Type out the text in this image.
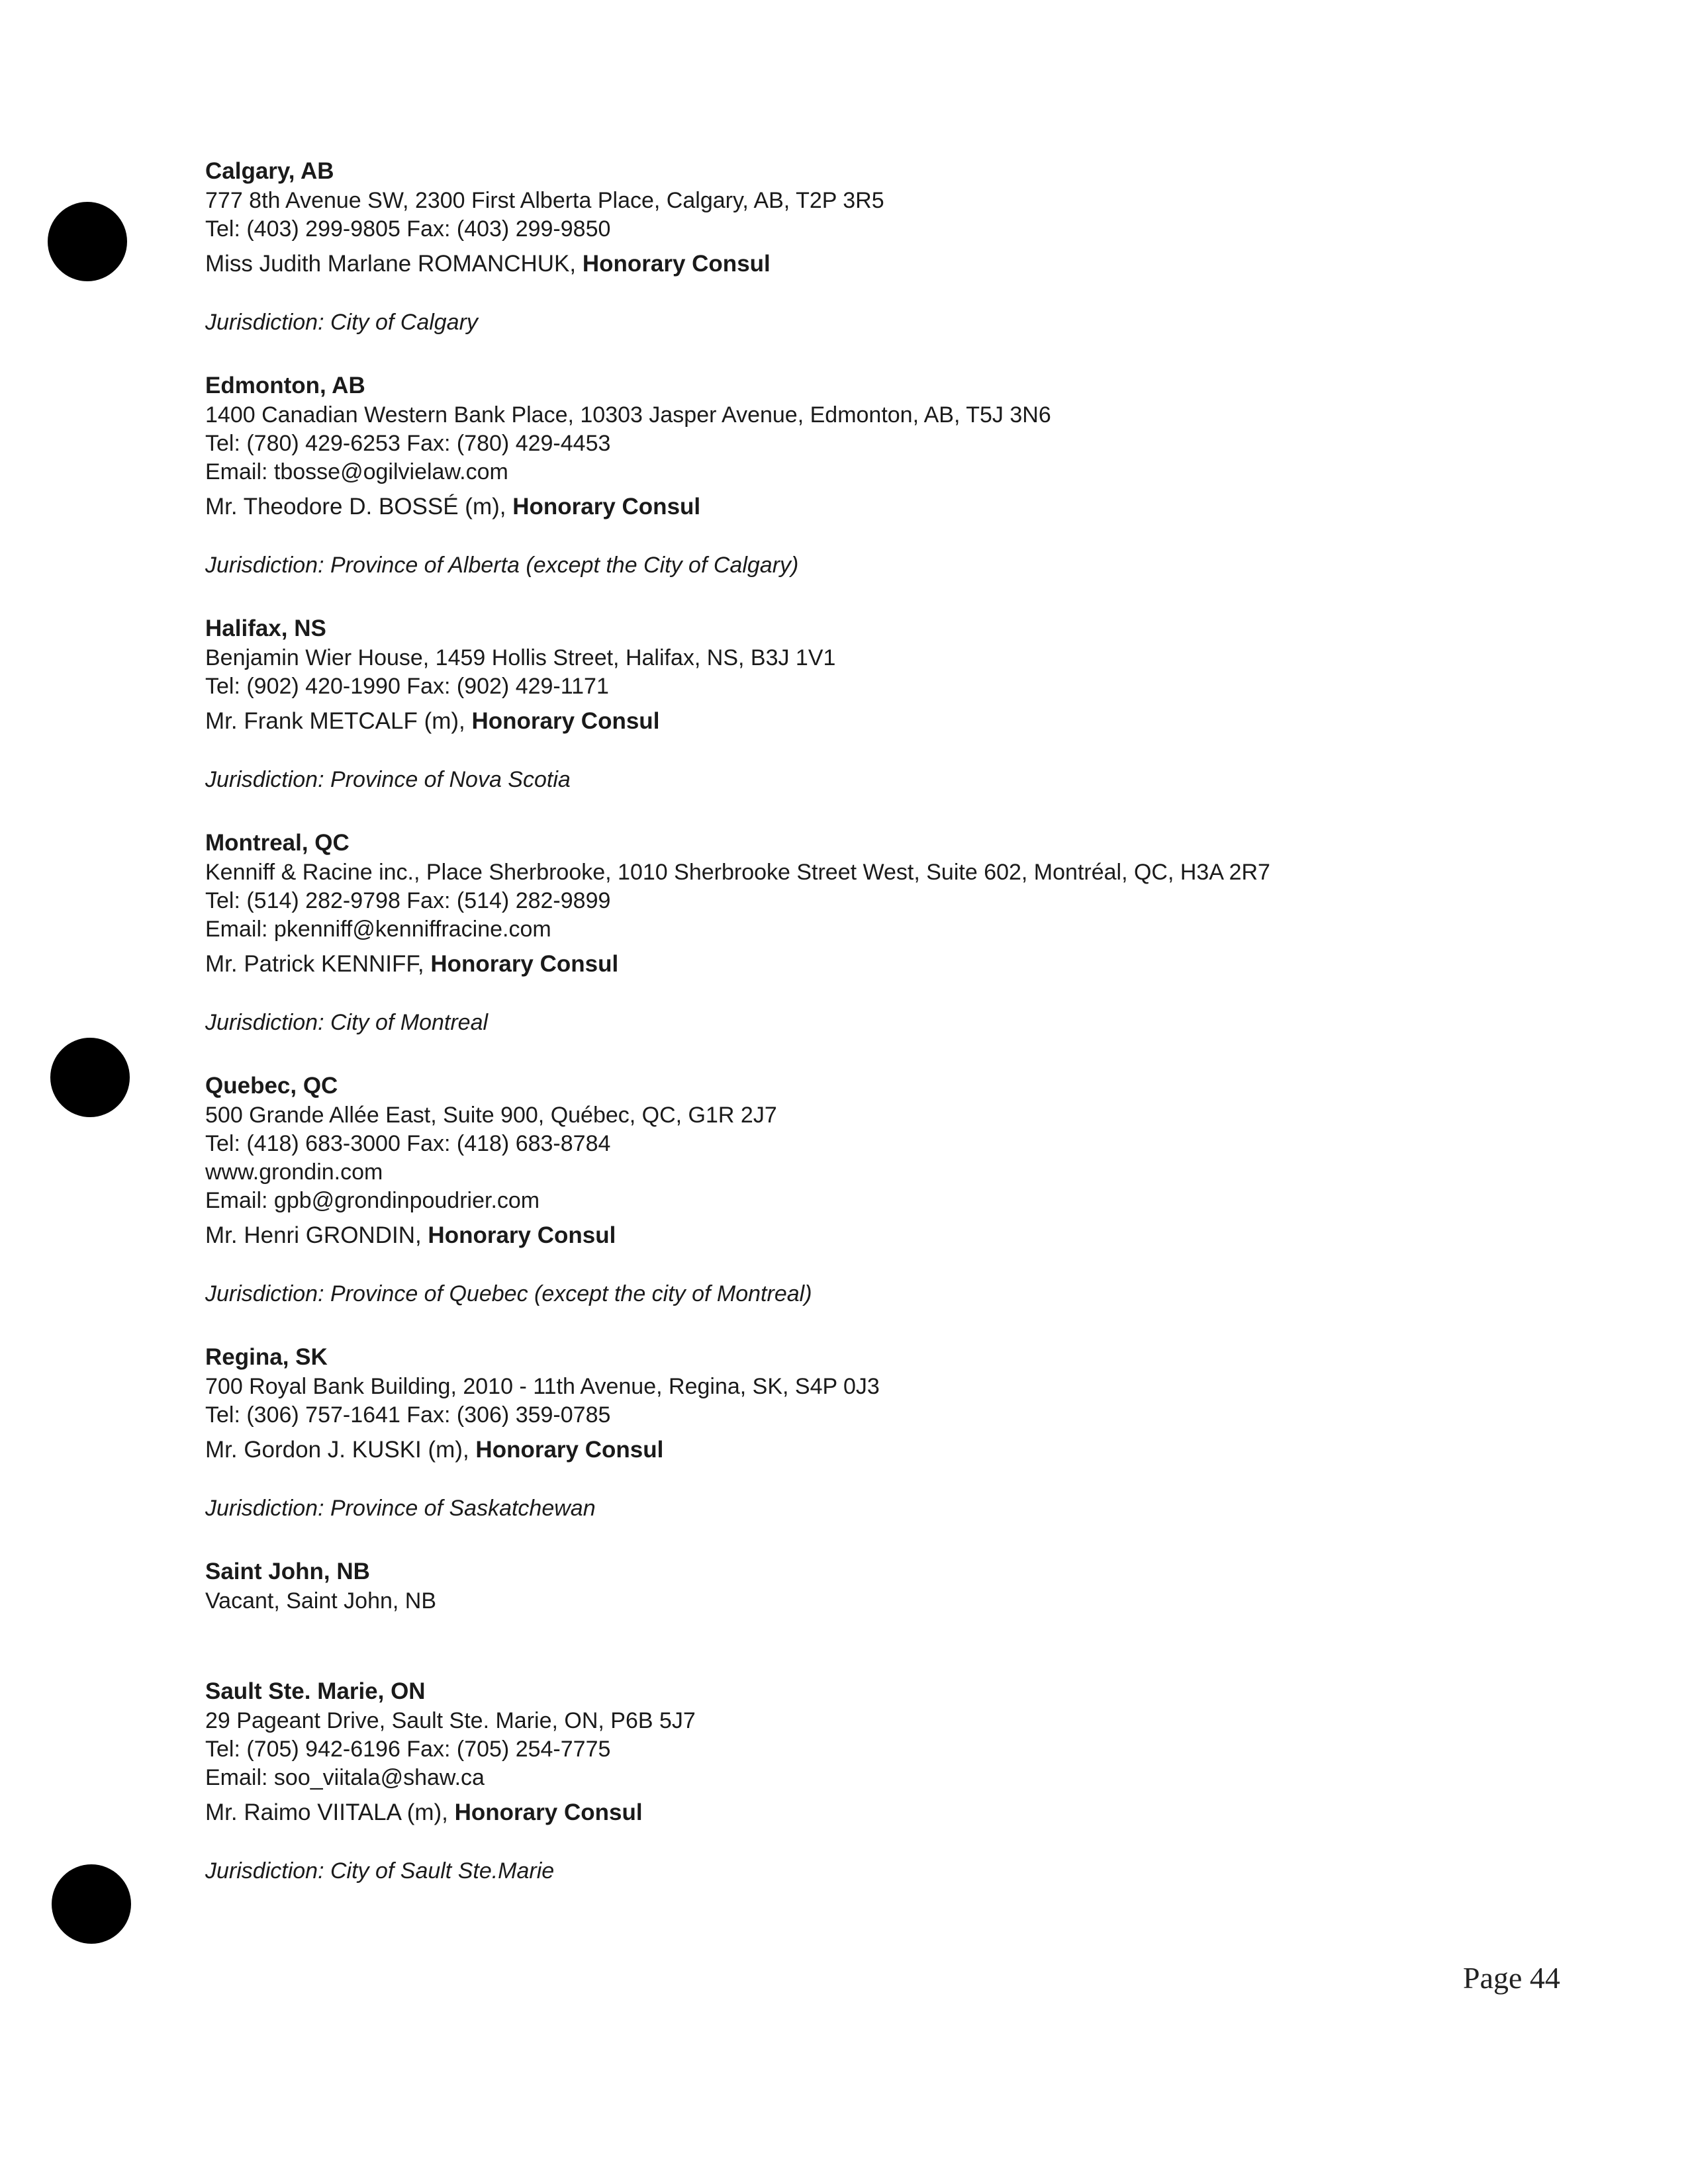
Calgary, AB
777 8th Avenue SW, 2300 First Alberta Place, Calgary, AB, T2P 3R5
Tel: (403) 299-9805 Fax: (403) 299-9850
Miss Judith Marlane ROMANCHUK, Honorary Consul
Jurisdiction: City of Calgary
Edmonton, AB
1400 Canadian Western Bank Place, 10303 Jasper Avenue, Edmonton, AB, T5J 3N6
Tel: (780) 429-6253 Fax: (780) 429-4453
Email: tbosse@ogilvielaw.com
Mr. Theodore D. BOSSÉ (m), Honorary Consul
Jurisdiction: Province of Alberta (except the City of Calgary)
Halifax, NS
Benjamin Wier House, 1459 Hollis Street, Halifax, NS, B3J 1V1
Tel: (902) 420-1990 Fax: (902) 429-1171
Mr. Frank METCALF (m), Honorary Consul
Jurisdiction: Province of Nova Scotia
Montreal, QC
Kenniff & Racine inc., Place Sherbrooke, 1010 Sherbrooke Street West, Suite 602, Montréal, QC, H3A 2R7
Tel: (514) 282-9798 Fax: (514) 282-9899
Email: pkenniff@kenniffracine.com
Mr. Patrick KENNIFF, Honorary Consul
Jurisdiction: City of Montreal
Quebec, QC
500 Grande Allée East, Suite 900, Québec, QC, G1R 2J7
Tel: (418) 683-3000 Fax: (418) 683-8784
www.grondin.com
Email: gpb@grondinpoudrier.com
Mr. Henri GRONDIN, Honorary Consul
Jurisdiction: Province of Quebec (except the city of Montreal)
Regina, SK
700 Royal Bank Building, 2010 - 11th Avenue, Regina, SK, S4P 0J3
Tel: (306) 757-1641 Fax: (306) 359-0785
Mr. Gordon J. KUSKI (m), Honorary Consul
Jurisdiction: Province of Saskatchewan
Saint John, NB
Vacant, Saint John, NB
Sault Ste. Marie, ON
29 Pageant Drive, Sault Ste. Marie, ON, P6B 5J7
Tel: (705) 942-6196 Fax: (705) 254-7775
Email: soo_viitala@shaw.ca
Mr. Raimo VIITALA (m), Honorary Consul
Jurisdiction: City of Sault Ste.Marie
Page 44
